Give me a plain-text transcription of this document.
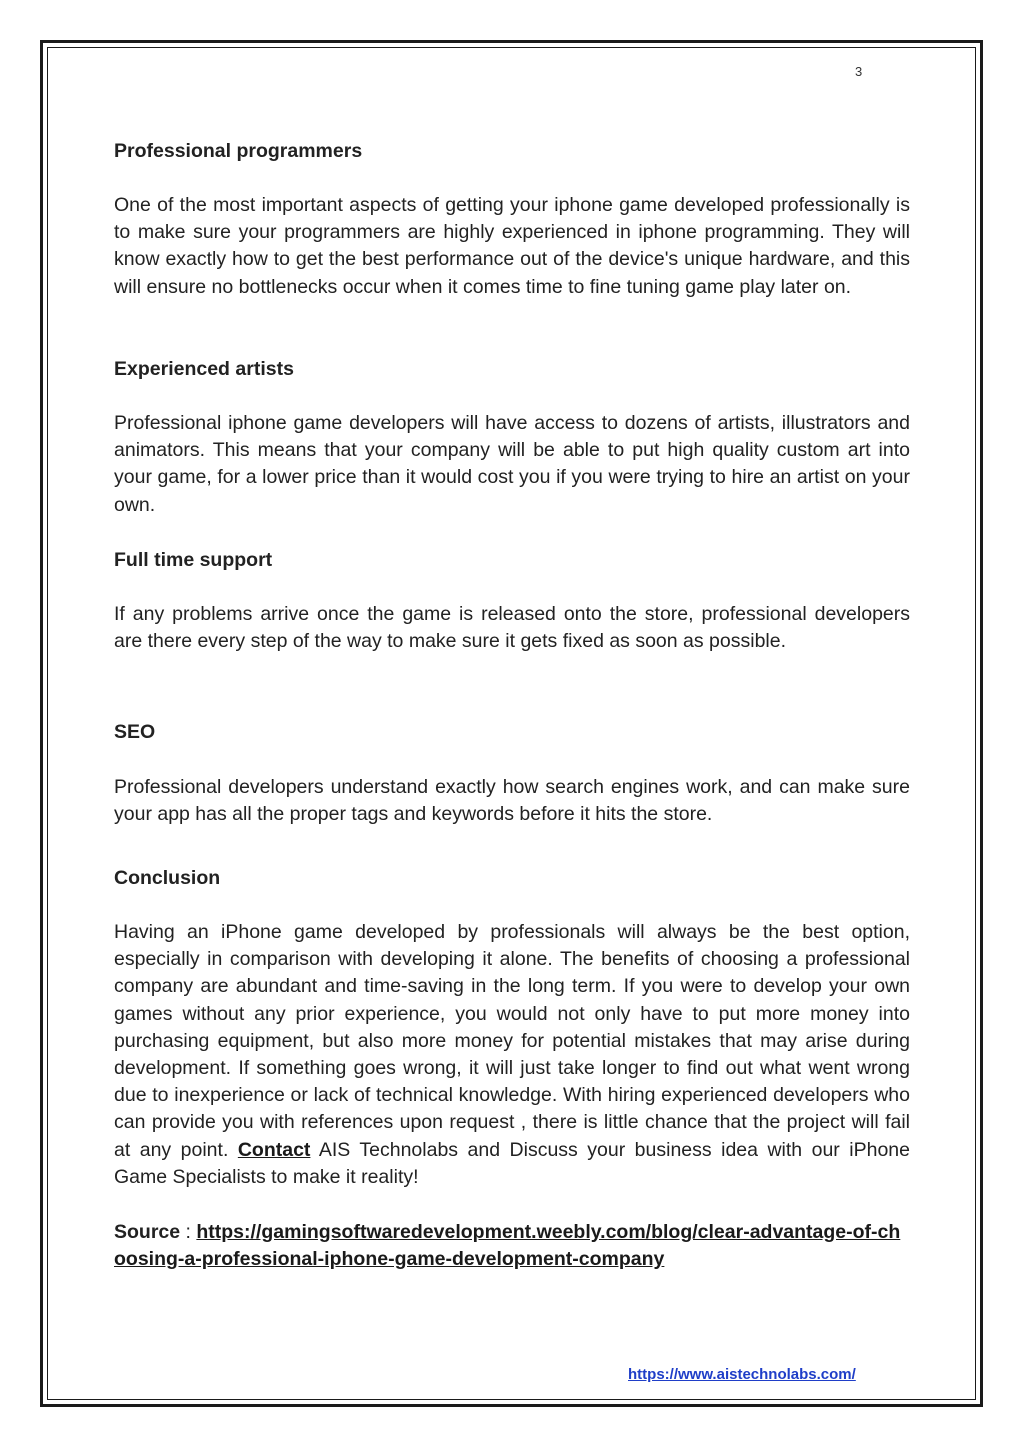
3
Professional programmers

One of the most important aspects of getting your iphone game developed professionally is to make sure your programmers are highly experienced in iphone programming. They will know exactly how to get the best performance out of the device's unique hardware, and this will ensure no bottlenecks occur when it comes time to fine tuning game play later on.

Experienced artists

Professional iphone game developers will have access to dozens of artists, illustrators and animators. This means that your company will be able to put high quality custom art into your game, for a lower price than it would cost you if you were trying to hire an artist on your own.

Full time support

If any problems arrive once the game is released onto the store, professional developers are there every step of the way to make sure it gets fixed as soon as possible.

SEO

Professional developers understand exactly how search engines work, and can make sure your app has all the proper tags and keywords before it hits the store.

Conclusion

Having an iPhone game developed by professionals will always be the best option, especially in comparison with developing it alone. The benefits of choosing a professional company are abundant and time-saving in the long term. If you were to develop your own games without any prior experience, you would not only have to put more money into purchasing equipment, but also more money for potential mistakes that may arise during development. If something goes wrong, it will just take longer to find out what went wrong due to inexperience or lack of technical knowledge. With hiring experienced developers who can provide you with references upon request , there is little chance that the project will fail at any point. Contact AIS Technolabs and Discuss your business idea with our iPhone Game Specialists to make it reality!

Source : https://gamingsoftwaredevelopment.weebly.com/blog/clear-advantage-of-choosing-a-professional-iphone-game-development-company

https://www.aistechnolabs.com/
